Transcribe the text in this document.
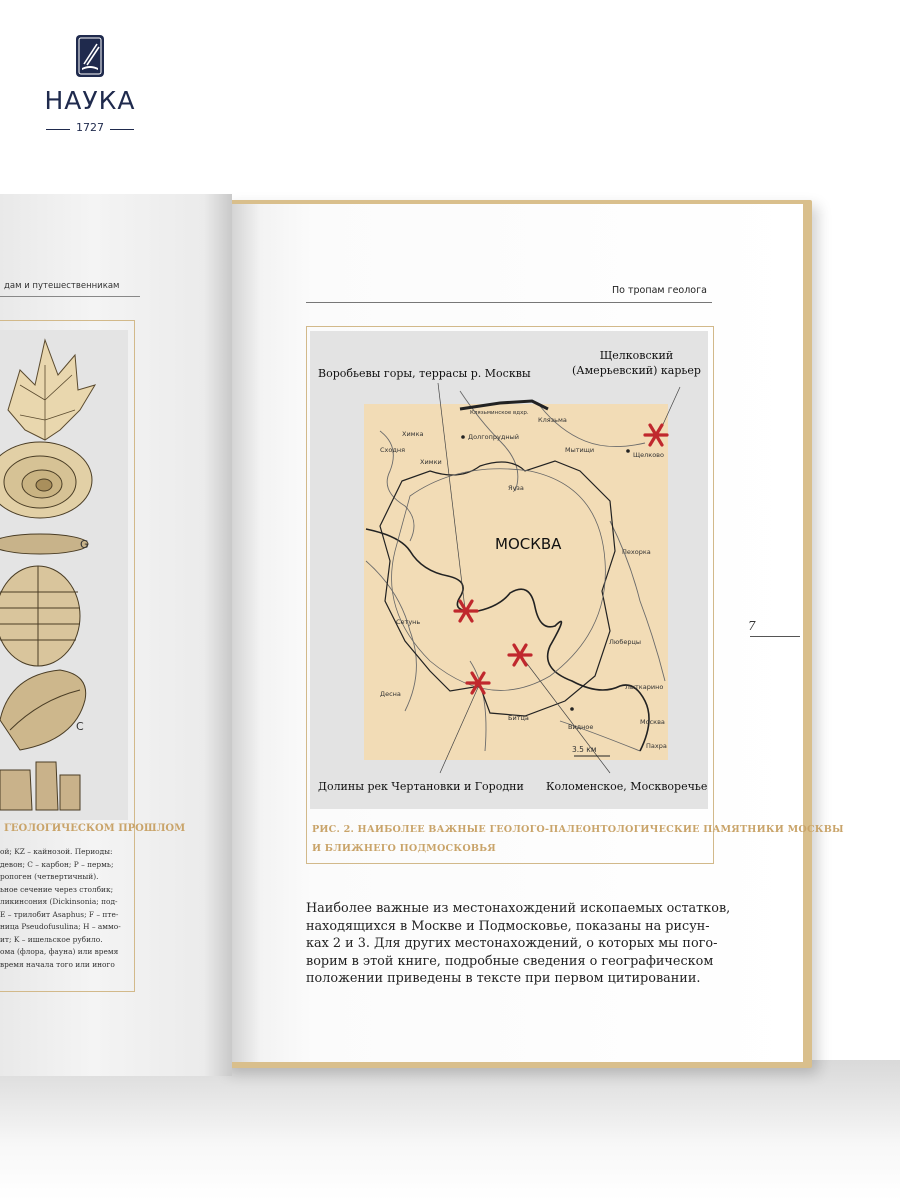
НАУКА
1727
дам и путешественникам
G
C
ГЕОЛОГИЧЕСКОМ ПРОШЛОМ
ой; KZ – кайнозой. Периоды:
девон; C – карбон; P – пермь;
ропоген (четвертичный).
ьное сечение через столбик;
ликинсония (Dickinsonia; под-
Е – трилобит Asaphus; F – пте-
ница Pseudofusulina; H – аммо-
ит; K – ишельское рубило.
ома (флора, фауна) или время
время начала того или иного
По тропам геолога
МОСКВА
Долгопрудный
Химки
Мытищи
Щелково
Люберцы
Лыткарино
Видное
Клязьминское вдхр.
Клязьма
Химка
Яуза
Пехорка
Сетунь
Десна
Москва
Пахра
Битца
Сходня
3.5 км
Воробьевы горы, террасы р. Москвы
Щелковский
(Амерьевский) карьер
Долины рек Чертановки и Городни Коломенское, Москворечье
РИС. 2. НАИБОЛЕЕ ВАЖНЫЕ ГЕОЛОГО-ПАЛЕОНТОЛОГИЧЕСКИЕ ПАМЯТНИКИ МОСКВЫ
И БЛИЖНЕГО ПОДМОСКОВЬЯ
7
Наиболее важные из местонахождений ископаемых остатков,
находящихся в Москве и Подмосковье, показаны на рисун-
ках 2 и 3. Для других местонахождений, о которых мы пого-
ворим в этой книге, подробные сведения о географическом
положении приведены в тексте при первом цитировании.
